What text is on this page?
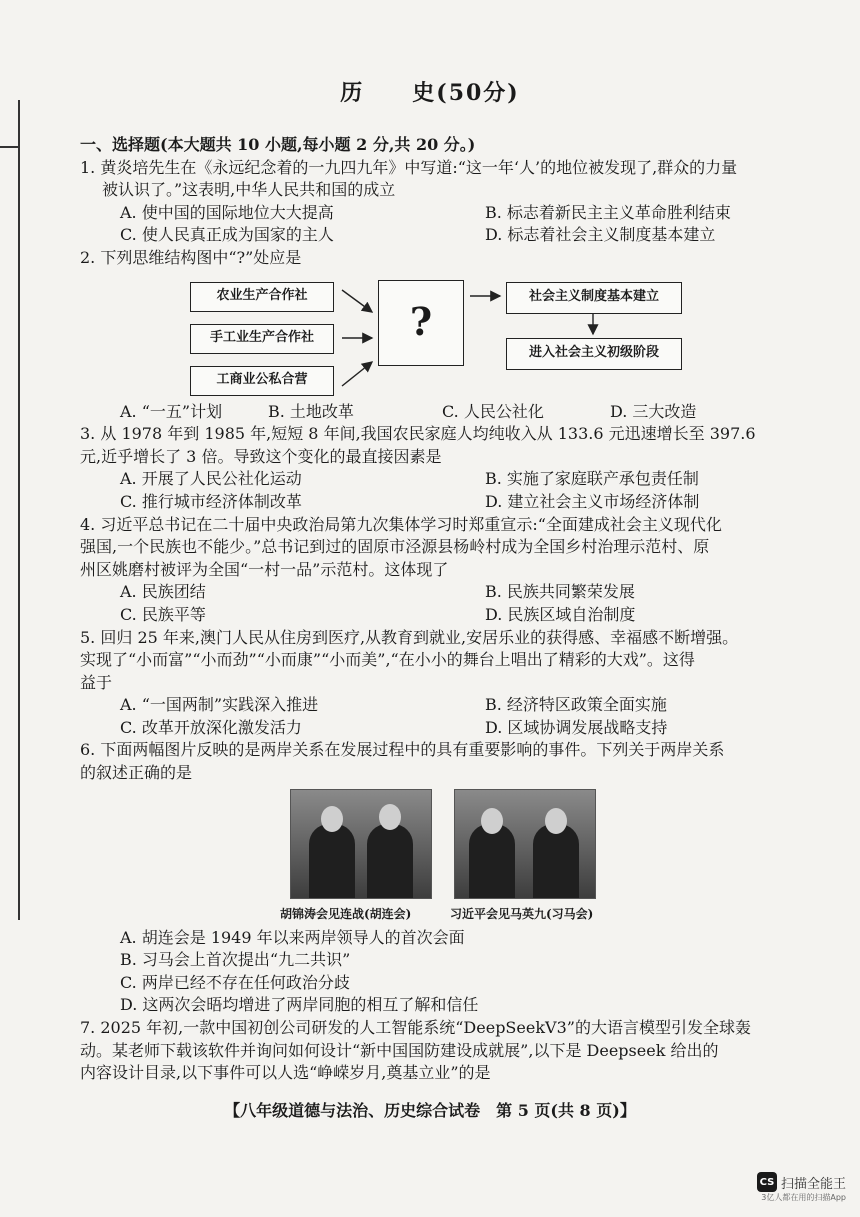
历　　史(50分)
一、选择题(本大题共 10 小题,每小题 2 分,共 20 分。)
1. 黄炎培先生在《永远纪念着的一九四九年》中写道:“这一年‘人’的地位被发现了,群众的力量
被认识了。”这表明,中华人民共和国的成立
A. 使中国的国际地位大大提高	B. 标志着新民主主义革命胜利结束
C. 使人民真正成为国家的主人	D. 标志着社会主义制度基本建立
2. 下列思维结构图中“?”处应是
农业生产合作社
手工业生产合作社
工商业公私合营
?
社会主义制度基本建立
进入社会主义初级阶段
A. “一五”计划	B. 土地改革	C. 人民公社化	D. 三大改造
3. 从 1978 年到 1985 年,短短 8 年间,我国农民家庭人均纯收入从 133.6 元迅速增长至 397.6
元,近乎增长了 3 倍。导致这个变化的最直接因素是
A. 开展了人民公社化运动	B. 实施了家庭联产承包责任制
C. 推行城市经济体制改革	D. 建立社会主义市场经济体制
4. 习近平总书记在二十届中央政治局第九次集体学习时郑重宣示:“全面建成社会主义现代化
强国,一个民族也不能少。”总书记到过的固原市泾源县杨岭村成为全国乡村治理示范村、原
州区姚磨村被评为全国“一村一品”示范村。这体现了
A. 民族团结	B. 民族共同繁荣发展
C. 民族平等	D. 民族区域自治制度
5. 回归 25 年来,澳门人民从住房到医疗,从教育到就业,安居乐业的获得感、幸福感不断增强。
实现了“小而富”“小而劲”“小而康”“小而美”,“在小小的舞台上唱出了精彩的大戏”。这得
益于
A. “一国两制”实践深入推进	B. 经济特区政策全面实施
C. 改革开放深化激发活力	D. 区域协调发展战略支持
6. 下面两幅图片反映的是两岸关系在发展过程中的具有重要影响的事件。下列关于两岸关系
的叙述正确的是
胡锦涛会见连战(胡连会)	习近平会见马英九(习马会)
A. 胡连会是 1949 年以来两岸领导人的首次会面
B. 习马会上首次提出“九二共识”
C. 两岸已经不存在任何政治分歧
D. 这两次会晤均增进了两岸同胞的相互了解和信任
7. 2025 年初,一款中国初创公司研发的人工智能系统“DeepSeekV3”的大语言模型引发全球轰
动。某老师下载该软件并询问如何设计“新中国国防建设成就展”,以下是 Deepseek 给出的
内容设计目录,以下事件可以人选“峥嵘岁月,奠基立业”的是
【八年级道德与法治、历史综合试卷　第 5 页(共 8 页)】
CS 扫描全能王
3亿人都在用的扫描App
